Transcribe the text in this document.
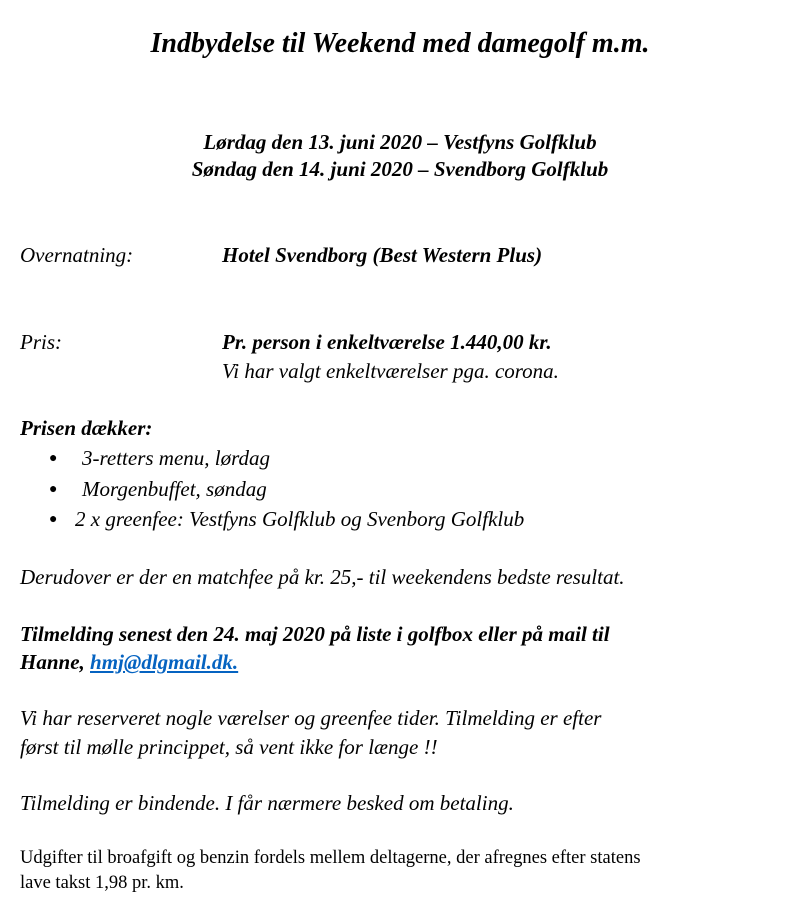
Indbydelse til Weekend med damegolf m.m.
Lørdag den 13. juni 2020 – Vestfyns Golfklub
Søndag den 14. juni 2020 – Svendborg Golfklub
Overnatning:	Hotel Svendborg (Best Western Plus)
Pris:	Pr. person i enkeltværelse 1.440,00 kr.
Vi har valgt enkeltværelser pga. corona.
Prisen dækker:
● 3-retters menu, lørdag
● Morgenbuffet, søndag
● 2 x greenfee: Vestfyns Golfklub og Svenborg Golfklub
Derudover er der en matchfee på kr. 25,- til weekendens bedste resultat.
Tilmelding senest den 24. maj 2020 på liste i golfbox eller på mail til
Hanne, hmj@dlgmail.dk.
Vi har reserveret nogle værelser og greenfee tider. Tilmelding er efter
først til mølle princippet, så vent ikke for længe !!
Tilmelding er bindende. I får nærmere besked om betaling.
Udgifter til broafgift og benzin fordels mellem deltagerne, der afregnes efter statens
lave takst 1,98 pr. km.
